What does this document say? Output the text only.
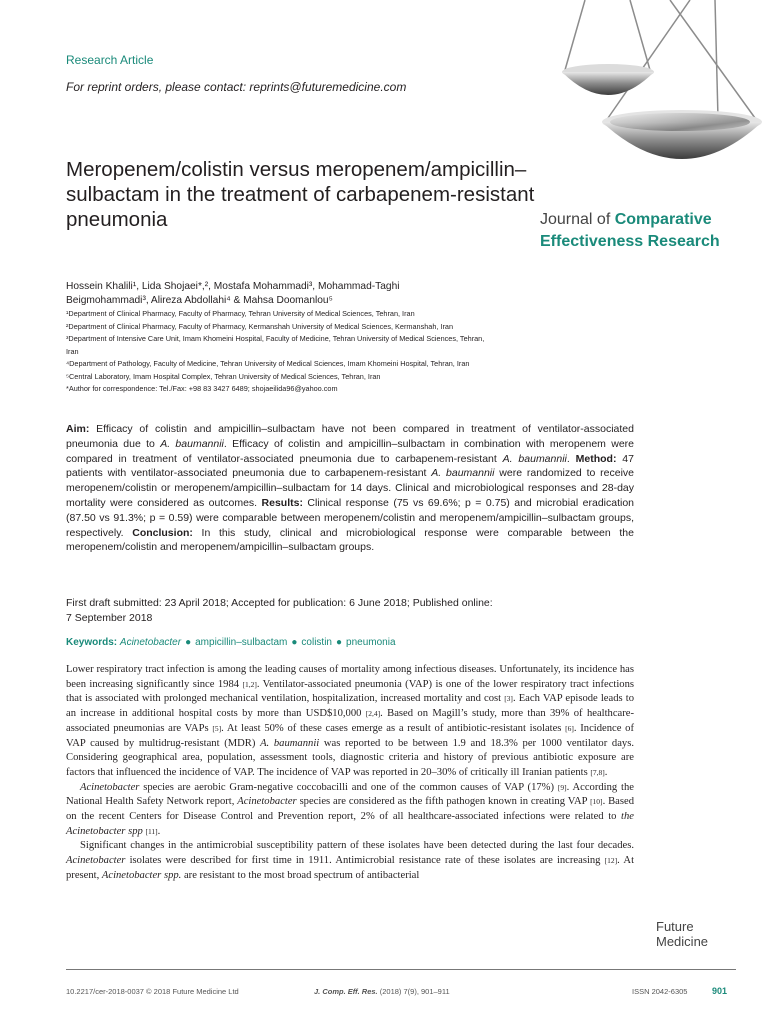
Research Article
For reprint orders, please contact: reprints@futuremedicine.com
Meropenem/colistin versus meropenem/ampicillin–sulbactam in the treatment of carbapenem-resistant pneumonia	Journal of Comparative
Effectiveness Research
Hossein Khalili¹, Lida Shojaei*,², Mostafa Mohammadi³, Mohammad-Taghi
Beigmohammadi³, Alireza Abdollahi⁴ & Mahsa Doomanlou⁵
¹Department of Clinical Pharmacy, Faculty of Pharmacy, Tehran University of Medical Sciences, Tehran, Iran
²Department of Clinical Pharmacy, Faculty of Pharmacy, Kermanshah University of Medical Sciences, Kermanshah, Iran
³Department of Intensive Care Unit, Imam Khomeini Hospital, Faculty of Medicine, Tehran University of Medical Sciences, Tehran,
Iran
⁴Department of Pathology, Faculty of Medicine, Tehran University of Medical Sciences, Imam Khomeini Hospital, Tehran, Iran
⁵Central Laboratory, Imam Hospital Complex, Tehran University of Medical Sciences, Tehran, Iran
*Author for correspondence: Tel./Fax: +98 83 3427 6489; shojaeilida96@yahoo.com
Aim: Efficacy of colistin and ampicillin–sulbactam have not been compared in treatment of ventilator-associated pneumonia due to A. baumannii. Efficacy of colistin and ampicillin–sulbactam in combination with meropenem were compared in treatment of ventilator-associated pneumonia due to carbapenem-resistant A. baumannii. Method: 47 patients with ventilator-associated pneumonia due to carbapenem-resistant A. baumannii were randomized to receive meropenem/colistin or meropenem/ampicillin–sulbactam for 14 days. Clinical and microbiological responses and 28-day mortality were considered as outcomes. Results: Clinical response (75 vs 69.6%; p = 0.75) and microbial eradication (87.50 vs 91.3%; p = 0.59) were comparable between meropenem/colistin and meropenem/ampicillin–sulbactam groups, respectively. Conclusion: In this study, clinical and microbiological response were comparable between the meropenem/colistin and meropenem/ampicillin–sulbactam groups.
First draft submitted: 23 April 2018; Accepted for publication: 6 June 2018; Published online:
7 September 2018
Keywords: Acinetobacter ● ampicillin–sulbactam ● colistin ● pneumonia

Lower respiratory tract infection is among the leading causes of mortality among infectious diseases. Unfortunately, its incidence has been increasing significantly since 1984 [1,2]. Ventilator-associated pneumonia (VAP) is one of the lower respiratory tract infections that is associated with prolonged mechanical ventilation, hospitalization, increased mortality and cost [3]. Each VAP episode leads to an increase in additional hospital costs by more than USD$10,000 [2,4]. Based on Magill’s study, more than 39% of healthcare-associated pneumonias are VAPs [5]. At least 50% of these cases emerge as a result of antibiotic-resistant isolates [6]. Incidence of VAP caused by multidrug-resistant (MDR) A. baumannii was reported to be between 1.9 and 18.3% per 1000 ventilator days. Considering geographical area, population, assessment tools, diagnostic criteria and history of previous antibiotic exposure are factors that influenced the incidence of VAP. The incidence of VAP was reported in 20–30% of critically ill Iranian patients [7,8].

Acinetobacter species are aerobic Gram-negative coccobacilli and one of the common causes of VAP (17%) [9]. According the National Health Safety Network report, Acinetobacter species are considered as the fifth pathogen known in creating VAP [10]. Based on the recent Centers for Disease Control and Prevention report, 2% of all healthcare-associated infections were related to the Acinetobacter spp [11].

Significant changes in the antimicrobial susceptibility pattern of these isolates have been detected during the last four decades. Acinetobacter isolates were described for first time in 1911. Antimicrobial resistance rate of these isolates are increasing [12]. At present, Acinetobacter spp. are resistant to the most broad spectrum of antibacterial

Future
Medicine
10.2217/cer-2018-0037 © 2018 Future Medicine Ltd	J. Comp. Eff. Res. (2018) 7(9), 901–911	ISSN 2042-6305	901
